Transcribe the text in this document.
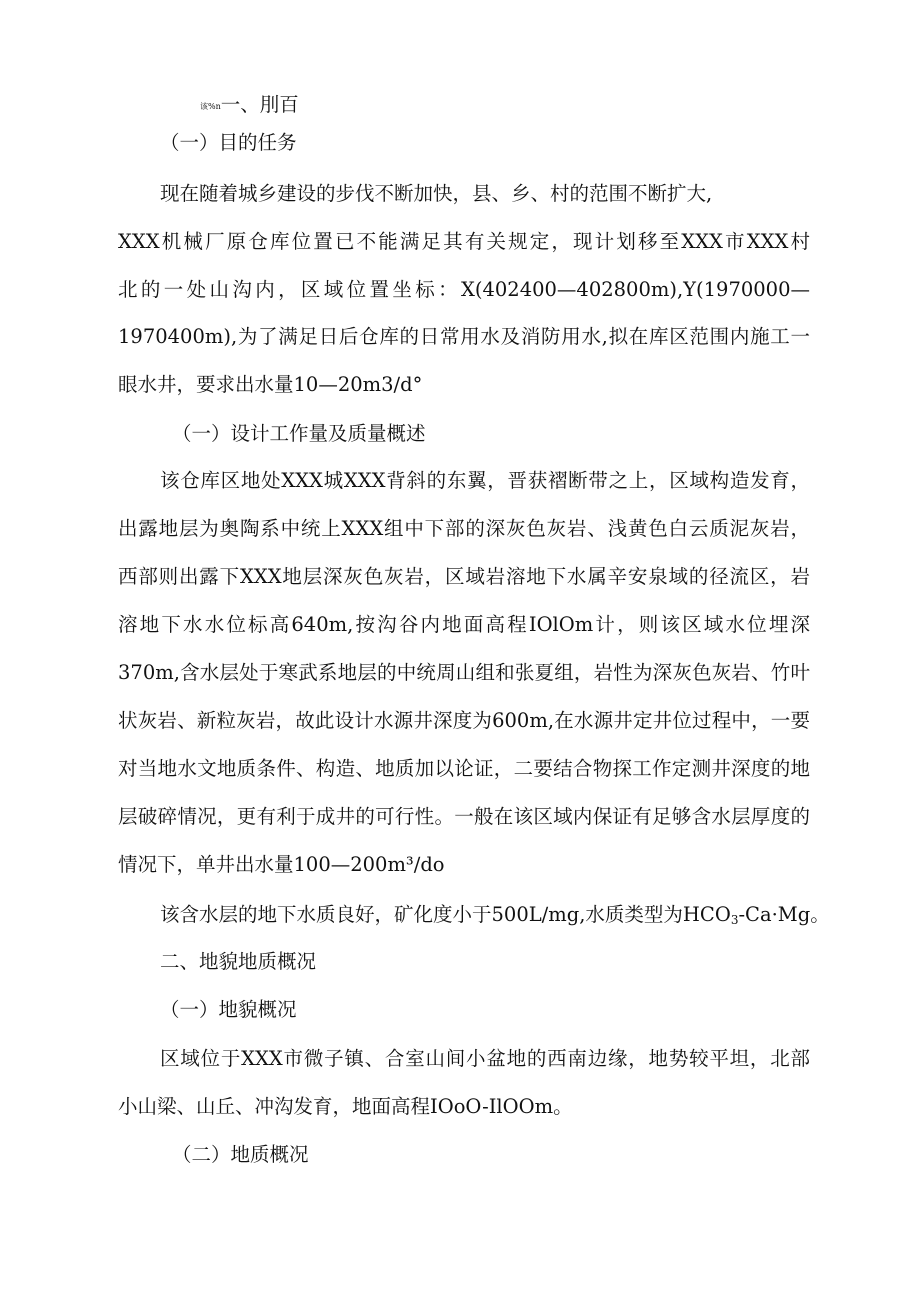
该%n一、刖百
（一）目的任务
现在随着城乡建设的步伐不断加快，县、乡、村的范围不断扩大,
XXX机械厂原仓库位置已不能满足其有关规定，现计划移至XXX市XXX村
北的一处山沟内，区域位置坐标：X(402400—402800m),Y(1970000—
1970400m),为了满足日后仓库的日常用水及消防用水,拟在库区范围内施工一
眼水井，要求出水量10—20m3∕d°
（一）设计工作量及质量概述
该仓库区地处XXX城XXX背斜的东翼，晋获褶断带之上，区域构造发育，
出露地层为奥陶系中统上XXX组中下部的深灰色灰岩、浅黄色白云质泥灰岩，
西部则出露下XXX地层深灰色灰岩，区域岩溶地下水属辛安泉域的径流区，岩
溶地下水水位标高640m,按沟谷内地面高程IOlOm计，则该区域水位埋深
370m,含水层处于寒武系地层的中统周山组和张夏组，岩性为深灰色灰岩、竹叶
状灰岩、新粒灰岩，故此设计水源井深度为600m,在水源井定井位过程中，一要
对当地水文地质条件、构造、地质加以论证，二要结合物探工作定测井深度的地
层破碎情况，更有利于成井的可行性。一般在该区域内保证有足够含水层厚度的
情况下，单井出水量100—200m³∕do
该含水层的地下水质良好，矿化度小于500L∕mg,水质类型为$HCO_3-Ca\cdot Mg$。
二、地貌地质概况
（一）地貌概况
区域位于XXX市微子镇、合室山间小盆地的西南边缘，地势较平坦，北部
小山梁、山丘、冲沟发育，地面高程IOoO-IlOOm。
（二）地质概况
